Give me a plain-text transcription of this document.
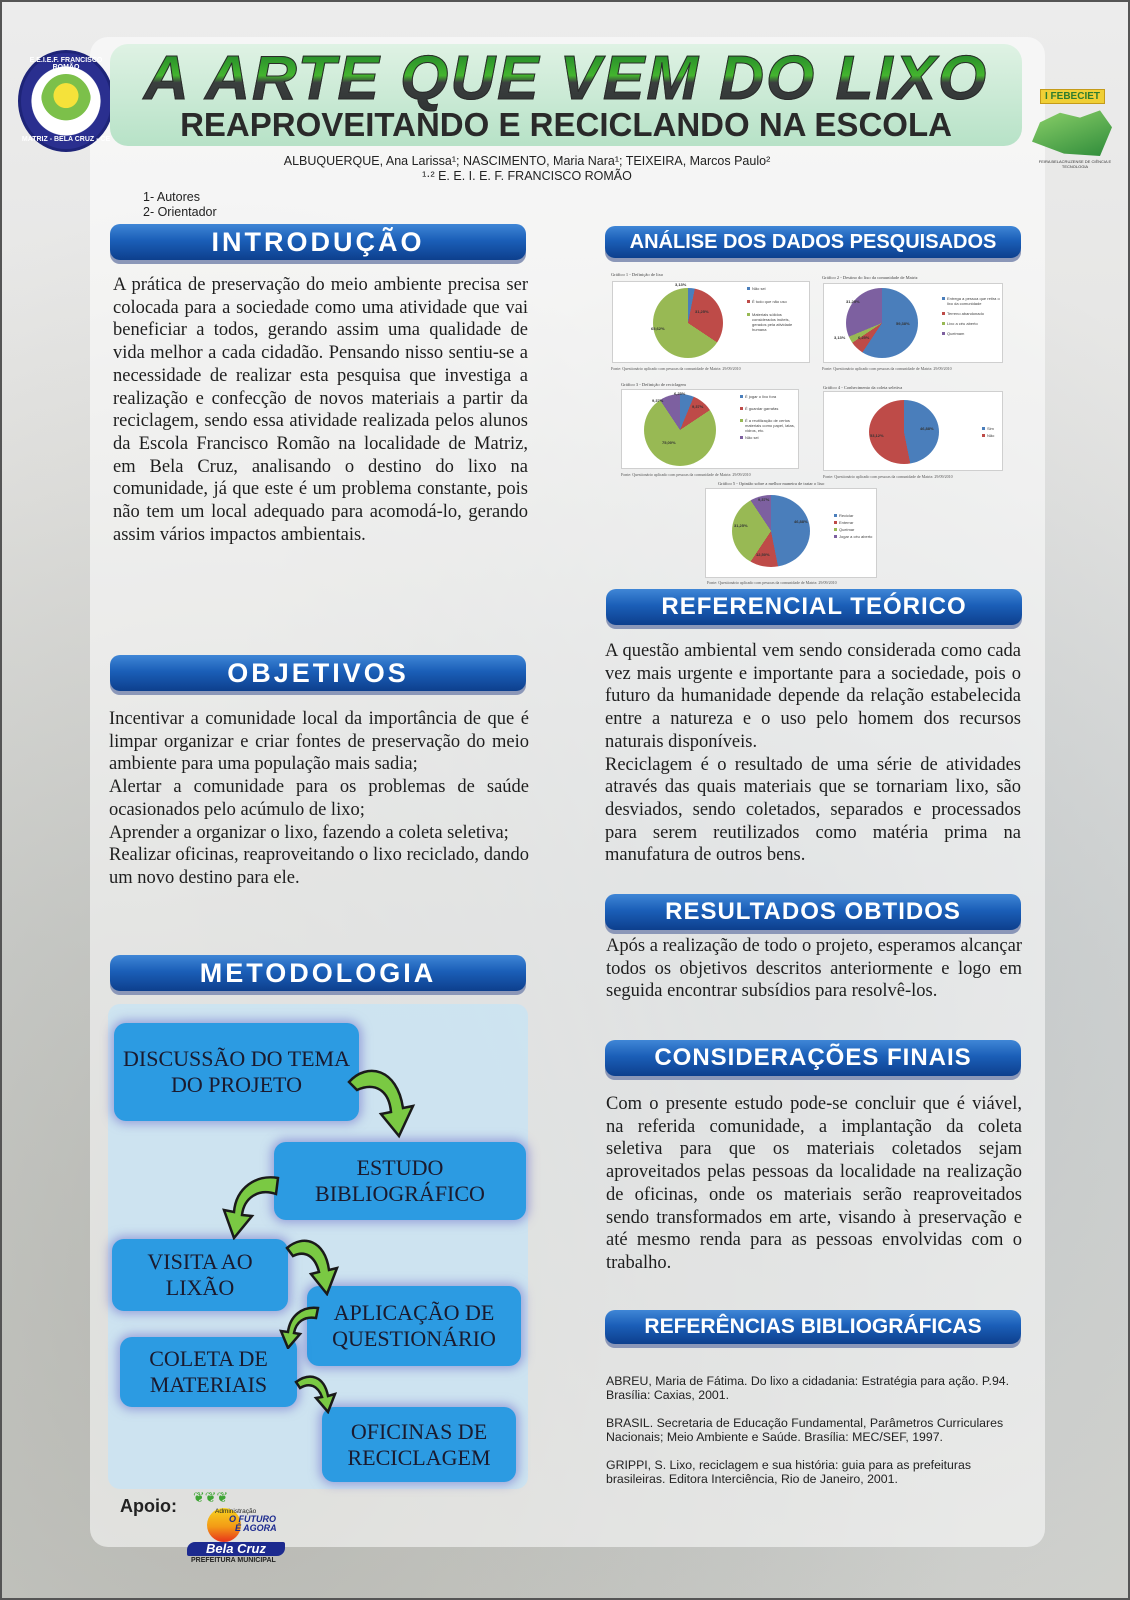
E.E.I.E.F. FRANCISCO ROMÃO
MATRIZ - BELA CRUZ - CE
A ARTE QUE VEM DO LIXO
REAPROVEITANDO E RECICLANDO NA ESCOLA
ALBUQUERQUE, Ana Larissa¹; NASCIMENTO, Maria Nara¹; TEIXEIRA, Marcos Paulo²
¹·² E. E. I. E. F. FRANCISCO ROMÃO
1- Autores
2- Orientador
I FEBECIET
FEIRA BELACRUZENSE DE CIÊNCIA E TECNOLOGIA
INTRODUÇÃO

A prática de preservação do meio ambiente precisa ser colocada para a sociedade como uma atividade que vai beneficiar a todos, gerando assim uma qualidade de vida melhor a cada cidadão. Pensando nisso sentiu-se a necessidade de realizar esta pesquisa que investiga a realização e confecção de novos materiais a partir da reciclagem, sendo essa atividade realizada pelos alunos da Escola Francisco Romão na localidade de Matriz, em Bela Cruz, analisando o destino do lixo na comunidade, já que este é um problema constante, pois não tem um local adequado para acomodá-lo, gerando assim vários impactos ambientais.

OBJETIVOS

Incentivar a comunidade local da importância de que é limpar organizar e criar fontes de preservação do meio ambiente para uma população mais sadia;

Alertar a comunidade para os problemas de saúde ocasionados pelo acúmulo de lixo;

Aprender a organizar o lixo, fazendo a coleta seletiva;

Realizar oficinas, reaproveitando o lixo reciclado, dando um novo destino para ele.

METODOLOGIA
DISCUSSÃO DO TEMA DO PROJETO
ESTUDO BIBLIOGRÁFICO
VISITA AO LIXÃO
APLICAÇÃO DE QUESTIONÁRIO
COLETA DE MATERIAIS
OFICINAS DE RECICLAGEM
Apoio: ❦❦❦
Administração
O FUTURO
É AGORA
Bela Cruz
PREFEITURA MUNICIPAL
ANÁLISE DOS DADOS PESQUISADOS
Gráfico 1 - Definição de lixo
3,13%
31,25%
65,62%
Não sei
É tudo que não uso
Materiais sólidos considerados inúteis, gerados pela atividade humana
Fonte: Questionário aplicado com pessoas da comunidade de Matriz: 29/09/2010
Gráfico 2 - Destino do lixo da comunidade de Matriz
59,38%
6,25%
3,13%
31,25%
Entrega a pessoa que retira o lixo da comunidade
Terreno abandonado
Lixo a céu aberto
Queimam
Fonte: Questionário aplicado com pessoas da comunidade de Matriz: 29/09/2010
Gráfico 3 - Definição de reciclagem
6,25%
9,37%
75,00%
9,37%
É jogar o lixo fora
É guardar garrafas
É a reutilização de certos materiais como papel, latas, vidros, etc.
Não sei
Fonte: Questionário aplicado com pessoas da comunidade de Matriz: 29/09/2010
Gráfico 4 - Conhecimento da coleta seletiva
46,88%
53,12%
Sim
Não
Fonte: Questionário aplicado com pessoas da comunidade de Matriz: 29/09/2010
Gráfico 5 - Opinião sobre a melhor maneira de tratar o lixo
46,88%
12,50%
31,25%
9,37%
Reciclar
Enterrar
Queimar
Jogar a céu aberto
Fonte: Questionário aplicado com pessoas da comunidade de Matriz: 29/09/2010
REFERENCIAL TEÓRICO

A questão ambiental vem sendo considerada como cada vez mais urgente e importante para a sociedade, pois o futuro da humanidade depende da relação estabelecida entre a natureza e o uso pelo homem dos recursos naturais disponíveis.

Reciclagem é o resultado de uma série de atividades através das quais materiais que se tornariam lixo, são desviados, sendo coletados, separados e processados para serem reutilizados como matéria prima na manufatura de outros bens.

RESULTADOS OBTIDOS

Após a realização de todo o projeto, esperamos alcançar todos os objetivos descritos anteriormente e logo em seguida encontrar subsídios para resolvê-los.

CONSIDERAÇÕES FINAIS

Com o presente estudo pode-se concluir que é viável, na referida comunidade, a implantação da coleta seletiva para que os materiais coletados sejam aproveitados pelas pessoas da localidade na realização de oficinas, onde os materiais serão reaproveitados sendo transformados em arte, visando à preservação e até mesmo renda para as pessoas envolvidas com o trabalho.

REFERÊNCIAS BIBLIOGRÁFICAS

ABREU, Maria de Fátima. Do lixo a cidadania: Estratégia para ação. P.94. Brasília: Caxias, 2001.

BRASIL. Secretaria de Educação Fundamental, Parâmetros Curriculares Nacionais; Meio Ambiente e Saúde. Brasília: MEC/SEF, 1997.

GRIPPI, S. Lixo, reciclagem e sua história: guia para as prefeituras brasileiras. Editora Interciência, Rio de Janeiro, 2001.
